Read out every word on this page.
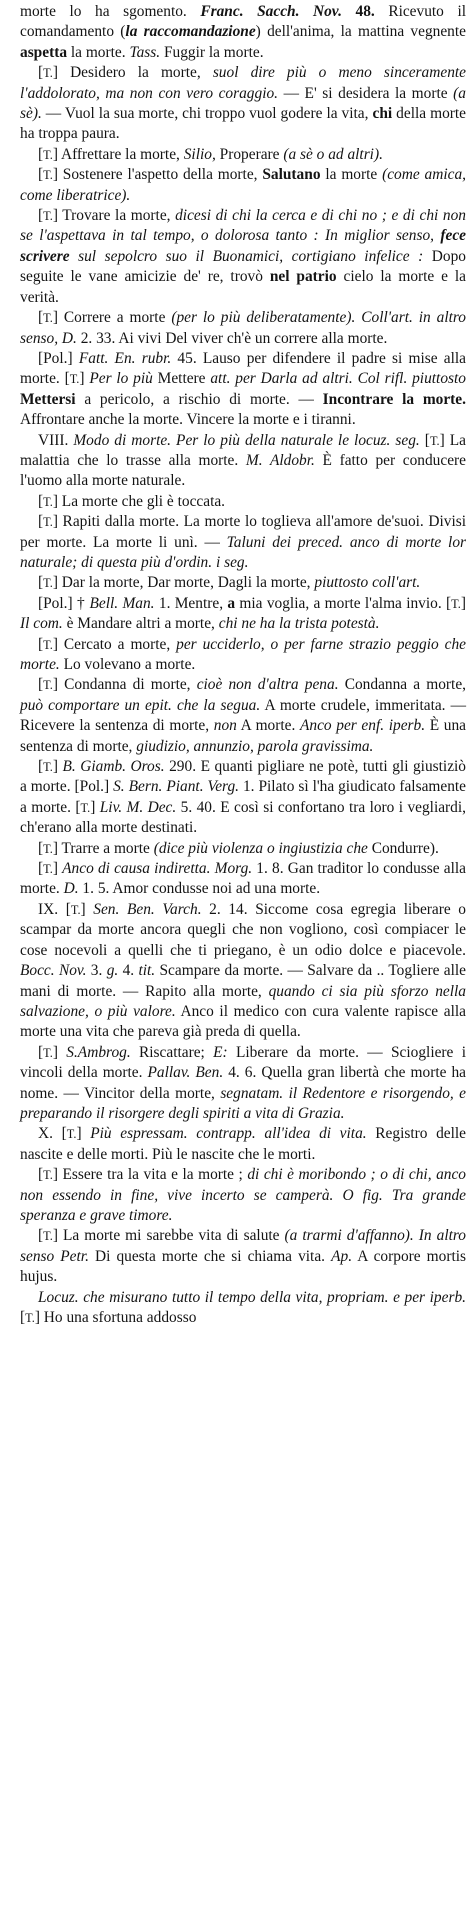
morte lo ha sgomento. Franc. Sacch. Nov. 48. Ricevuto il comandamento (la raccomandazione) dell'anima, la mattina vegnente aspetta la morte. Tass. Fuggir la morte.

[T.] Desidero la morte, suol dire più o meno sinceramente l'addolorato, ma non con vero coraggio. — E' si desidera la morte (a sè). — Vuol la sua morte, chi troppo vuol godere la vita, chi della morte ha troppa paura.

[T.] Affrettare la morte, Silio, Properare (a sè o ad altri).

[T.] Sostenere l'aspetto della morte, Salutano la morte (come amica, come liberatrice).

[T.] Trovare la morte, dicesi di chi la cerca e di chi no ; e di chi non se l'aspettava in tal tempo, o dolorosa tanto : In miglior senso, fece scrivere sul sepolcro suo il Buonamici, cortigiano infelice : Dopo seguite le vane amicizie de' re, trovò nel patrio cielo la morte e la verità.

[T.] Correre a morte (per lo più deliberatamente). Coll'art. in altro senso, D. 2. 33. Ai vivi Del viver ch'è un correre alla morte.

[Pol.] Fatt. En. rubr. 45. Lauso per difendere il padre si mise alla morte. [T.] Per lo più Mettere att. per Darla ad altri. Col rifl. piuttosto Mettersi a pericolo, a rischio di morte. — Incontrare la morte. Affrontare anche la morte. Vincere la morte e i tiranni.

VIII. Modo di morte. Per lo più della naturale le locuz. seg. [T.] La malattia che lo trasse alla morte. M. Aldobr. È fatto per conducere l'uomo alla morte naturale.

[T.] La morte che gli è toccata.

[T.] Rapiti dalla morte. La morte lo toglieva all'amore de'suoi. Divisi per morte. La morte li unì. — Taluni dei preced. anco di morte lor naturale; di questa più d'ordin. i seg.

[T.] Dar la morte, Dar morte, Dagli la morte, piuttosto coll'art.

[Pol.] † Bell. Man. 1. Mentre, a mia voglia, a morte l'alma invio. [T.] Il com. è Mandare altri a morte, chi ne ha la trista potestà.

[T.] Cercato a morte, per ucciderlo, o per farne strazio peggio che morte. Lo volevano a morte.

[T.] Condanna di morte, cioè non d'altra pena. Condanna a morte, può comportare un epit. che la segua. A morte crudele, immeritata. — Ricevere la sentenza di morte, non A morte. Anco per enf. iperb. È una sentenza di morte, giudizio, annunzio, parola gravissima.

[T.] B. Giamb. Oros. 290. E quanti pigliare ne potè, tutti gli giustiziò a morte. [Pol.] S. Bern. Piant. Verg. 1. Pilato sì l'ha giudicato falsamente a morte. [T.] Liv. M. Dec. 5. 40. E così si confortano tra loro i vegliardi, ch'erano alla morte destinati.

[T.] Trarre a morte (dice più violenza o ingiustizia che Condurre).

[T.] Anco di causa indiretta. Morg. 1. 8. Gan traditor lo condusse alla morte. D. 1. 5. Amor condusse noi ad una morte.

IX. [T.] Sen. Ben. Varch. 2. 14. Siccome cosa egregia liberare o scampar da morte ancora quegli che non vogliono, così compiacer le cose nocevoli a quelli che ti priegano, è un odio dolce e piacevole. Bocc. Nov. 3. g. 4. tit. Scampare da morte. — Salvare da .. Togliere alle mani di morte. — Rapito alla morte, quando ci sia più sforzo nella salvazione, o più valore. Anco il medico con cura valente rapisce alla morte una vita che pareva già preda di quella.

[T.] S.Ambrog. Riscattare; E: Liberare da morte. — Sciogliere i vincoli della morte. Pallav. Ben. 4. 6. Quella gran libertà che morte ha nome. — Vincitor della morte, segnatam. il Redentore e risorgendo, e preparando il risorgere degli spiriti a vita di Grazia.

X. [T.] Più espressam. contrapp. all'idea di vita. Registro delle nascite e delle morti. Più le nascite che le morti.

[T.] Essere tra la vita e la morte ; di chi è moribondo ; o di chi, anco non essendo in fine, vive incerto se camperà. O fig. Tra grande speranza e grave timore.

[T.] La morte mi sarebbe vita di salute (a trarmi d'affanno). In altro senso Petr. Di questa morte che si chiama vita. Ap. A corpore mortis hujus.

Locuz. che misurano tutto il tempo della vita, propriam. e per iperb. [T.] Ho una sfortuna addosso
